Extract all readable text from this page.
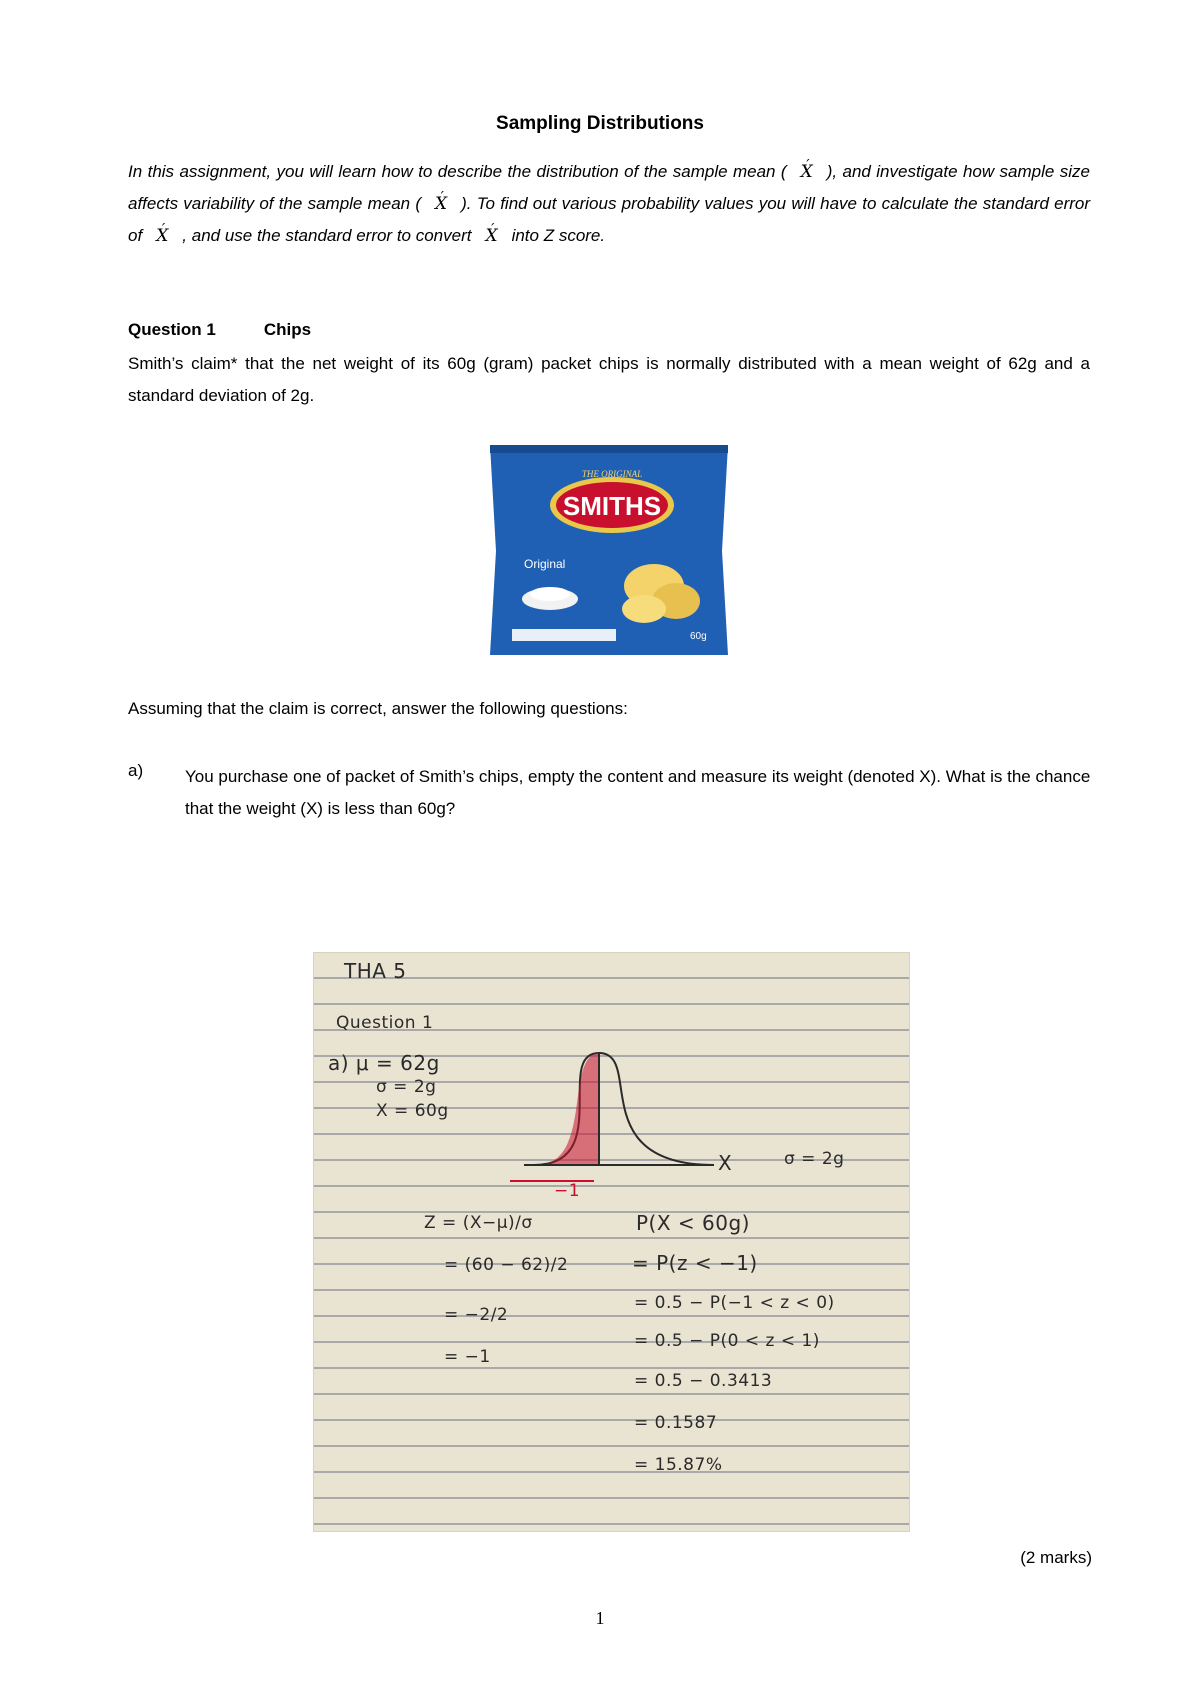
Sampling Distributions
In this assignment, you will learn how to describe the distribution of the sample mean ( ´ X ), and investigate how sample size affects variability of the sample mean ( ´ X ). To find out various probability values you will have to calculate the standard error of ´ X , and use the standard error to convert ´ X into Z score.
Question 1	Chips
Smith’s claim* that the net weight of its 60g (gram) packet chips is normally distributed with a mean weight of 62g and a standard deviation of 2g.
SMITHS
THE ORIGINAL
Original
60g
Assuming that the claim is correct, answer the following questions:
a) You purchase one of packet of Smith’s chips, empty the content and measure its weight (denoted X). What is the chance that the weight (X) is less than 60g?
THA 5
Question 1
a) μ = 62g
σ = 2g
X = 60g
−1
X	σ = 2g
Z = (X−μ)/σ
= (60 − 62)/2
= −2/2
= −1
P(X < 60g)
= P(z < −1)
= 0.5 − P(−1 < z < 0)
= 0.5 − P(0 < z < 1)
= 0.5 − 0.3413
= 0.1587
= 15.87%
(2 marks)
1
